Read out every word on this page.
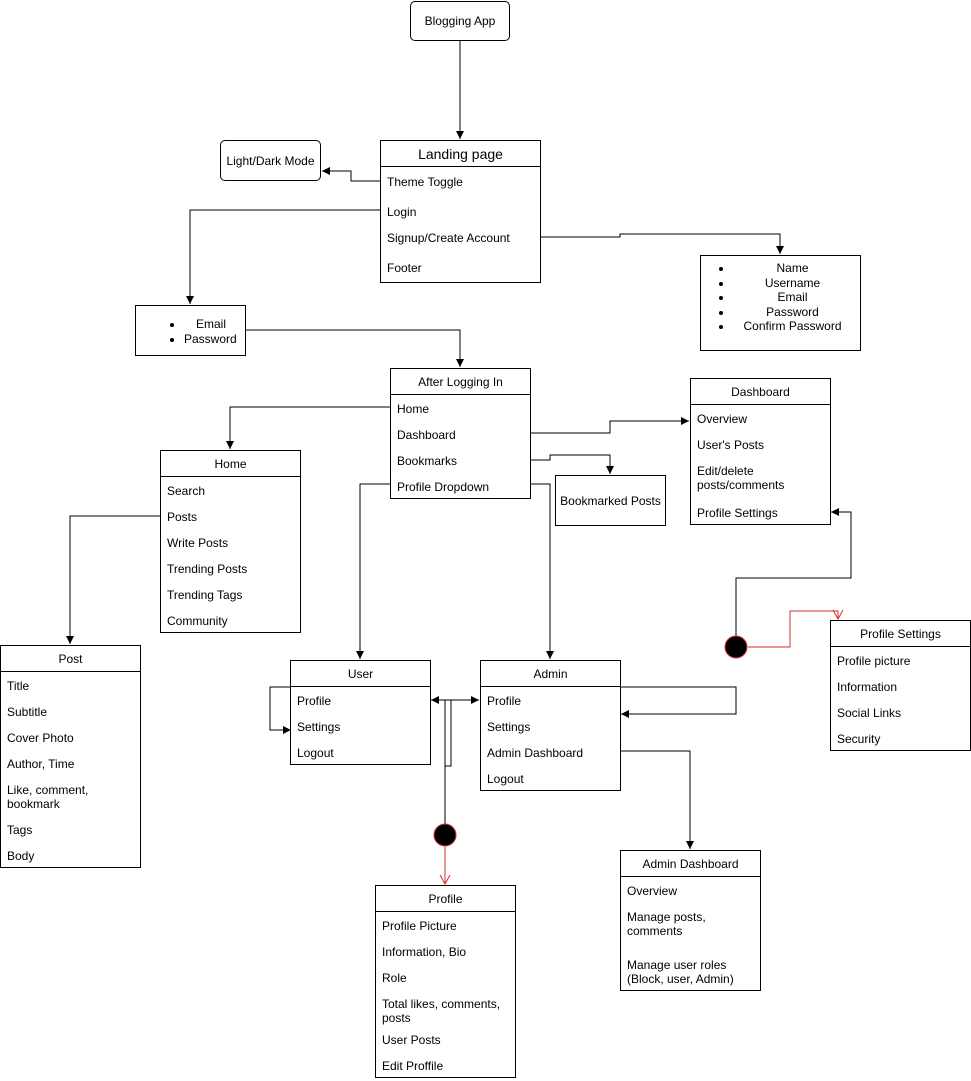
Blogging App
Landing page
Theme Toggle
Login
Signup/Create Account
Footer
Light/Dark Mode
• Name
• Username
• Email
• Password
• Confirm Password
• Email
• Password
After Logging In
Home
Dashboard
Bookmarks
Profile Dropdown
Bookmarked Posts
Dashboard
Overview
User's Posts
Edit/delete
posts/comments
Profile Settings
Home
Search
Posts
Write Posts
Trending Posts
Trending Tags
Community
Post
Title
Subtitle
Cover Photo
Author, Time
Like, comment,
bookmark
Tags
Body
User
Profile
Settings
Logout
Admin
Profile
Settings
Admin Dashboard
Logout
Profile Settings
Profile picture
Information
Social Links
Security
Admin Dashboard
Overview
Manage posts,
comments
Manage user roles
(Block, user, Admin)
Profile
Profile Picture
Information, Bio
Role
Total likes, comments,
posts
User Posts
Edit Proffile
